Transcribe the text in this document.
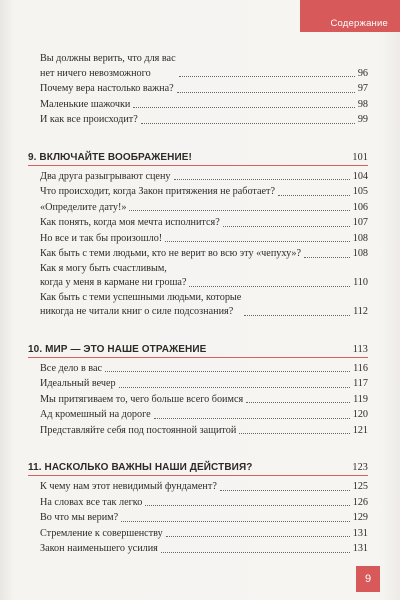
Содержание
Вы должны верить, что для вас
нет ничего невозможного	96
Почему вера настолько важна?	97
Маленькие шажочки	98
И как все происходит?	99
9. ВКЛЮЧАЙТЕ ВООБРАЖЕНИЕ!	101
Два друга разыгрывают сцену	104
Что происходит, когда Закон притяжения не работает?	105
«Определите дату!»	106
Как понять, когда моя мечта исполнится?	107
Но все и так бы произошло!	108
Как быть с теми людьми, кто не верит во всю эту «чепуху»?	108
Как я могу быть счастливым,
когда у меня в кармане ни гроша?	110
Как быть с теми успешными людьми, которые
никогда не читали книг о силе подсознания?	112
10. МИР — ЭТО НАШЕ ОТРАЖЕНИЕ	113
Все дело в вас	116
Идеальный вечер	117
Мы притягиваем то, чего больше всего боимся	119
Ад кромешный на дороге	120
Представляйте себя под постоянной защитой	121
11. НАСКОЛЬКО ВАЖНЫ НАШИ ДЕЙСТВИЯ?	123
К чему нам этот невидимый фундамент?	125
На словах все так легко	126
Во что мы верим?	129
Стремление к совершенству	131
Закон наименьшего усилия	131
9
